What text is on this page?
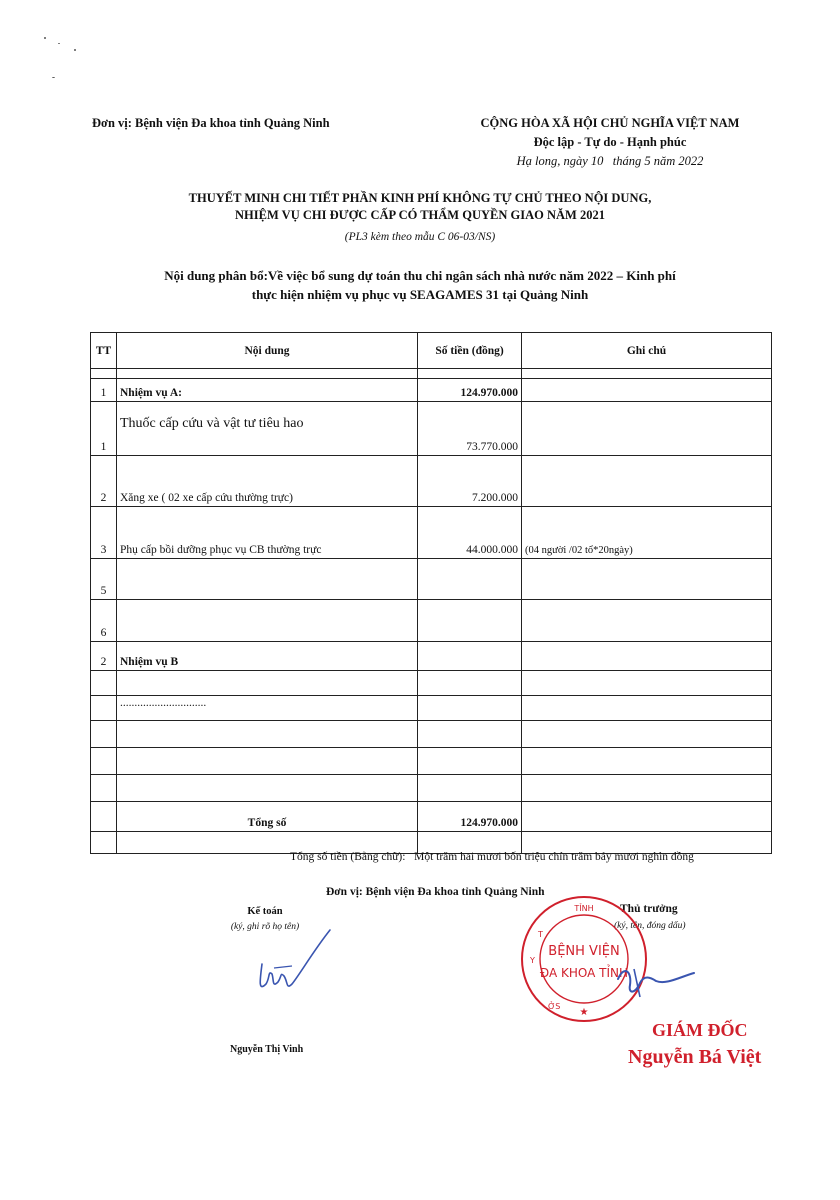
Đơn vị: Bệnh viện Đa khoa tỉnh Quảng Ninh	CỘNG HÒA XÃ HỘI CHỦ NGHĨA VIỆT NAM
Độc lập - Tự do - Hạnh phúc
Hạ long, ngày 10   tháng 5 năm 2022
THUYẾT MINH CHI TIẾT PHẦN KINH PHÍ KHÔNG TỰ CHỦ THEO NỘI DUNG,
NHIỆM VỤ CHI ĐƯỢC CẤP CÓ THẨM QUYỀN GIAO NĂM 2021
(PL3 kèm theo mẫu C 06-03/NS)
Nội dung phân bổ:Về việc bổ sung dự toán thu chi ngân sách nhà nước năm 2022 – Kinh phí
thực hiện nhiệm vụ phục vụ SEAGAMES 31 tại Quảng Ninh
TT	Nội dung	Số tiền (đồng)	Ghi chú

1	Nhiệm vụ A:	124.970.000	
1	Thuốc cấp cứu và vật tư tiêu hao	73.770.000	
2	Xăng xe ( 02 xe cấp cứu thường trực)	7.200.000	
3	Phụ cấp bồi dưỡng phục vụ CB thường trực	44.000.000	(04 người /02 tổ*20ngày)
5			
6			
2	Nhiệm vụ B		

	..............................		

	Tổng số	124.970.000	

Tổng số tiền (Bằng chữ): Một trăm hai mươi bốn triệu chín trăm bảy mươi nghìn đồng
Đơn vị: Bệnh viện Đa khoa tỉnh Quảng Ninh
Kế toán
(ký, ghi rõ họ tên)
Nguyễn Thị Vinh
Thủ trưởng
(ký, tên, đóng dấu)
TỈNH
Y
T
ỞS
★
BỆNH VIỆN
ĐA KHOA TỈNH
GIÁM ĐỐC
Nguyễn Bá Việt
